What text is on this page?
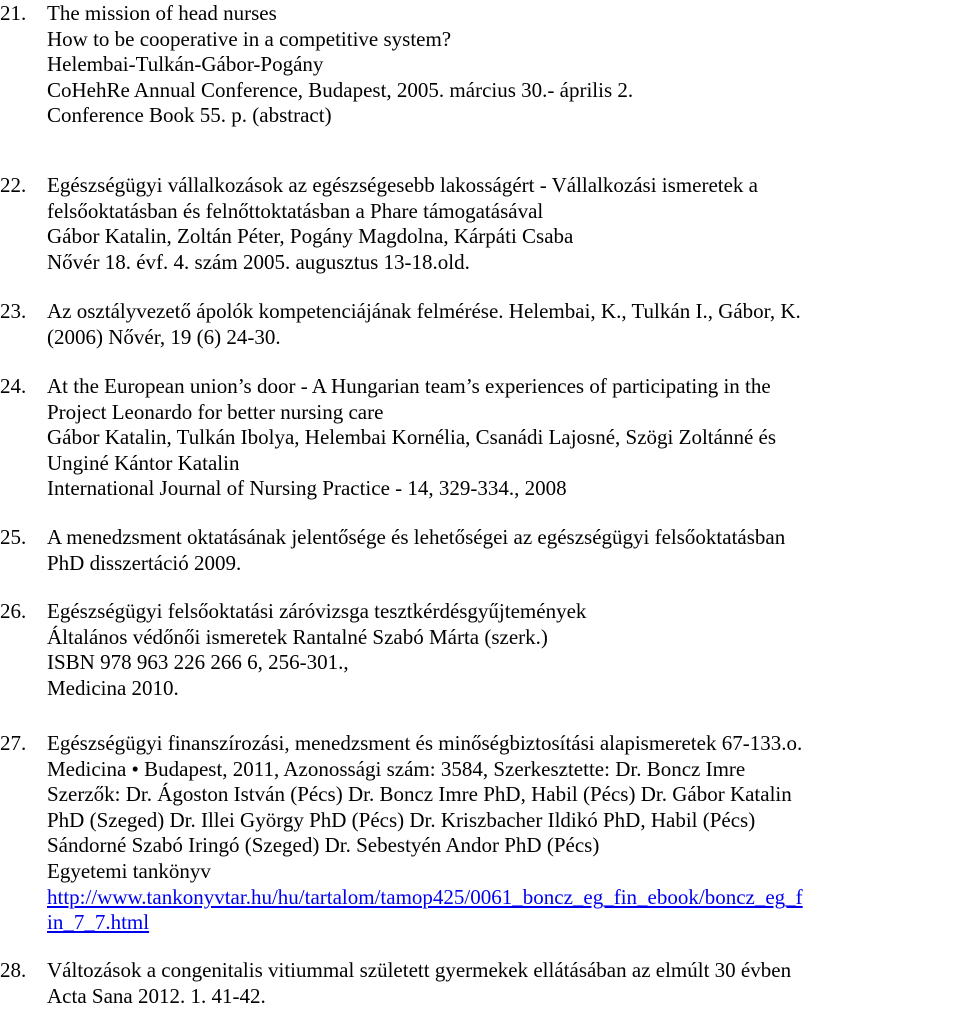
21. The mission of head nurses
How to be cooperative in a competitive system?
Helembai-Tulkán-Gábor-Pogány
CoHehRe Annual Conference, Budapest, 2005. március 30.- április 2.
Conference Book 55. p. (abstract)
22. Egészségügyi vállalkozások az egészségesebb lakosságért - Vállalkozási ismeretek a
felsőoktatásban és felnőttoktatásban a Phare támogatásával
Gábor Katalin, Zoltán Péter, Pogány Magdolna, Kárpáti Csaba
Nővér 18. évf. 4. szám 2005. augusztus 13-18.old.
23. Az osztályvezető ápolók kompetenciájának felmérése. Helembai, K., Tulkán I., Gábor, K.
(2006) Nővér, 19 (6) 24-30.
24. At the European union’s door - A Hungarian team’s experiences of participating in the
Project Leonardo for better nursing care
Gábor Katalin, Tulkán Ibolya, Helembai Kornélia, Csanádi Lajosné, Szögi Zoltánné és
Unginé Kántor Katalin
International Journal of Nursing Practice - 14, 329-334., 2008
25. A menedzsment oktatásának jelentősége és lehetőségei az egészségügyi felsőoktatásban
PhD disszertáció 2009.
26. Egészségügyi felsőoktatási záróvizsga tesztkérdésgyűjtemények
Általános védőnői ismeretek Rantalné Szabó Márta (szerk.)
ISBN 978 963 226 266 6, 256-301.,
Medicina 2010.
27. Egészségügyi finanszírozási, menedzsment és minőségbiztosítási alapismeretek 67-133.o.
Medicina • Budapest, 2011, Azonossági szám: 3584, Szerkesztette: Dr. Boncz Imre
Szerzők: Dr. Ágoston István (Pécs) Dr. Boncz Imre PhD, Habil (Pécs) Dr. Gábor Katalin
PhD (Szeged) Dr. Illei György PhD (Pécs) Dr. Kriszbacher Ildikó PhD, Habil (Pécs)
Sándorné Szabó Iringó (Szeged) Dr. Sebestyén Andor PhD (Pécs)
Egyetemi tankönyv
http://www.tankonyvtar.hu/hu/tartalom/tamop425/0061_boncz_eg_fin_ebook/boncz_eg_f
in_7_7.html
28. Változások a congenitalis vitiummal született gyermekek ellátásában az elmúlt 30 évben
Acta Sana 2012. 1. 41-42.
